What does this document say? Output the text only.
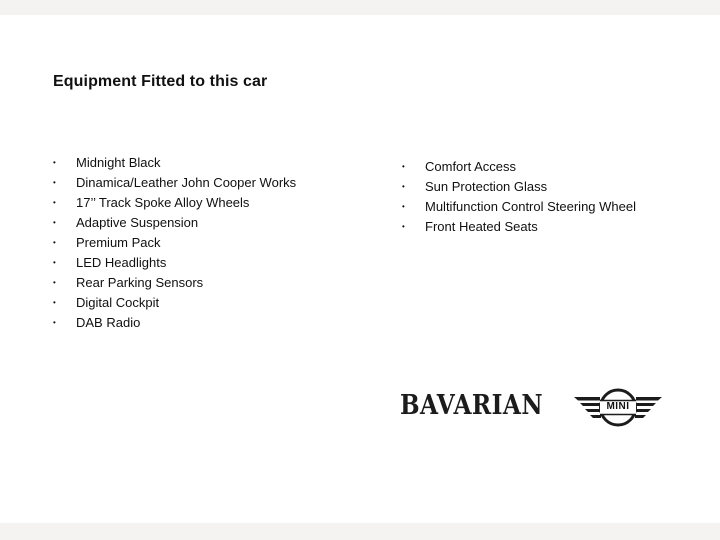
Equipment Fitted to this car
• Midnight Black
• Dinamica/Leather John Cooper Works
• 17’’ Track Spoke Alloy Wheels
• Adaptive Suspension
• Premium Pack
• LED Headlights
• Rear Parking Sensors
• Digital Cockpit
• DAB Radio
• Comfort Access
• Sun Protection Glass
• Multifunction Control Steering Wheel
• Front Heated Seats
BAVARIAN	MINI
